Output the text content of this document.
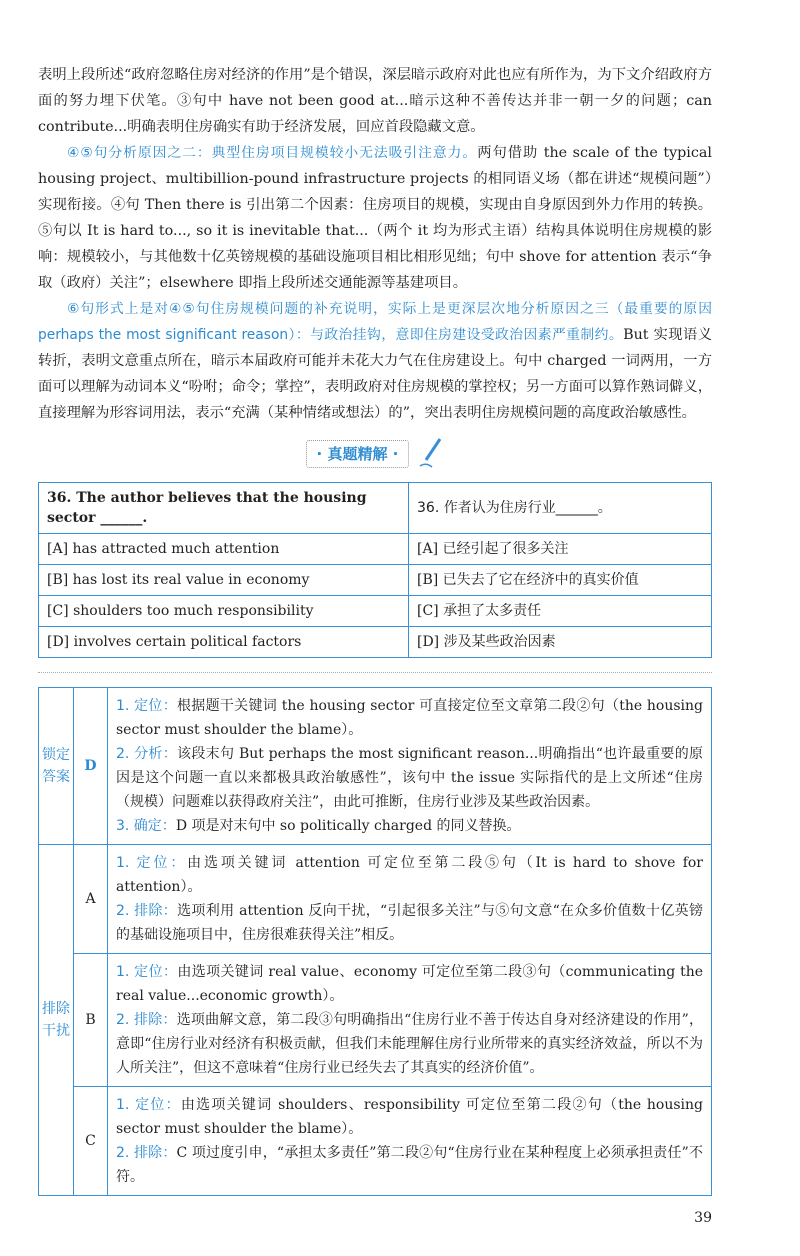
表明上段所述“政府忽略住房对经济的作用”是个错误，深层暗示政府对此也应有所作为，为下文介绍政府方面的努力埋下伏笔。③句中 have not been good at...暗示这种不善传达并非一朝一夕的问题；can contribute...明确表明住房确实有助于经济发展，回应首段隐藏文意。

④⑤句分析原因之二：典型住房项目规模较小无法吸引注意力。两句借助 the scale of the typical housing project、multibillion-pound infrastructure projects 的相同语义场（都在讲述“规模问题”）实现衔接。④句 Then there is 引出第二个因素：住房项目的规模，实现由自身原因到外力作用的转换。⑤句以 It is hard to..., so it is inevitable that...（两个 it 均为形式主语）结构具体说明住房规模的影响：规模较小，与其他数十亿英镑规模的基础设施项目相比相形见绌；句中 shove for attention 表示“争取（政府）关注”；elsewhere 即指上段所述交通能源等基建项目。

⑥句形式上是对④⑤句住房规模问题的补充说明，实际上是更深层次地分析原因之三（最重要的原因 perhaps the most significant reason）：与政治挂钩，意即住房建设受政治因素严重制约。But 实现语义转折，表明文意重点所在，暗示本届政府可能并未花大力气在住房建设上。句中 charged 一词两用，一方面可以理解为动词本义“吩咐；命令；掌控”，表明政府对住房规模的掌控权；另一方面可以算作熟词僻义，直接理解为形容词用法，表示“充满（某种情绪或想法）的”，突出表明住房规模问题的高度政治敏感性。

· 真题精解 ·
36. The author believes that the housing sector ______.	36. 作者认为住房行业______。
[A] has attracted much attention	[A] 已经引起了很多关注
[B] has lost its real value in economy	[B] 已失去了它在经济中的真实价值
[C] shoulders too much responsibility	[C] 承担了太多责任
[D] involves certain political factors	[D] 涉及某些政治因素
锁定答案	D	1. 定位：根据题干关键词 the housing sector 可直接定位至文章第二段②句（the housing sector must shoulder the blame）。
2. 分析：该段末句 But perhaps the most significant reason...明确指出“也许最重要的原因是这个问题一直以来都极具政治敏感性”，该句中 the issue 实际指代的是上文所述“住房（规模）问题难以获得政府关注”，由此可推断，住房行业涉及某些政治因素。
3. 确定：D 项是对末句中 so politically charged 的同义替换。

排除干扰	A	1. 定位：由选项关键词 attention 可定位至第二段⑤句（It is hard to shove for attention）。
2. 排除：选项利用 attention 反向干扰，“引起很多关注”与⑤句文意“在众多价值数十亿英镑的基础设施项目中，住房很难获得关注”相反。

	B	1. 定位：由选项关键词 real value、economy 可定位至第二段③句（communicating the real value...economic growth）。
2. 排除：选项曲解文意，第二段③句明确指出“住房行业不善于传达自身对经济建设的作用”，意即“住房行业对经济有积极贡献，但我们未能理解住房行业所带来的真实经济效益，所以不为人所关注”，但这不意味着“住房行业已经失去了其真实的经济价值”。

	C	1. 定位：由选项关键词 shoulders、responsibility 可定位至第二段②句（the housing sector must shoulder the blame）。
2. 排除：C 项过度引申，“承担太多责任”第二段②句“住房行业在某种程度上必须承担责任”不符。
39
